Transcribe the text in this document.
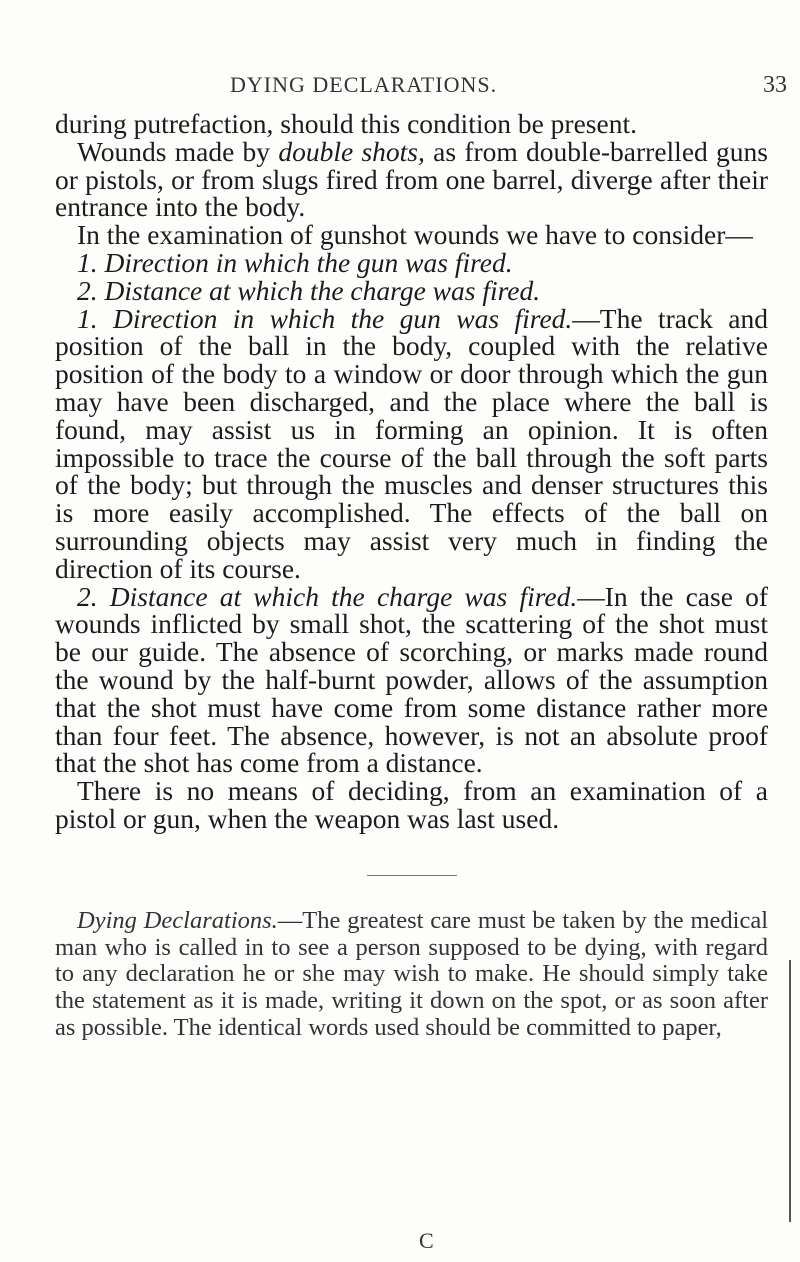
DYING DECLARATIONS.	33

during putrefaction, should this condition be present.

Wounds made by double shots, as from double-barrelled guns or pistols, or from slugs fired from one barrel, diverge after their entrance into the body.

In the examination of gunshot wounds we have to consider—

1. Direction in which the gun was fired.

2. Distance at which the charge was fired.

1. Direction in which the gun was fired.—The track and position of the ball in the body, coupled with the relative position of the body to a window or door through which the gun may have been discharged, and the place where the ball is found, may assist us in forming an opinion. It is often impossible to trace the course of the ball through the soft parts of the body; but through the muscles and denser structures this is more easily accomplished. The effects of the ball on surrounding objects may assist very much in finding the direction of its course.

2. Distance at which the charge was fired.—In the case of wounds inflicted by small shot, the scattering of the shot must be our guide. The absence of scorching, or marks made round the wound by the half-burnt powder, allows of the assumption that the shot must have come from some distance rather more than four feet. The absence, however, is not an absolute proof that the shot has come from a distance.

There is no means of deciding, from an examination of a pistol or gun, when the weapon was last used.

Dying Declarations.—The greatest care must be taken by the medical man who is called in to see a person supposed to be dying, with regard to any declaration he or she may wish to make. He should simply take the statement as it is made, writing it down on the spot, or as soon after as possible. The identical words used should be committed to paper,

C
